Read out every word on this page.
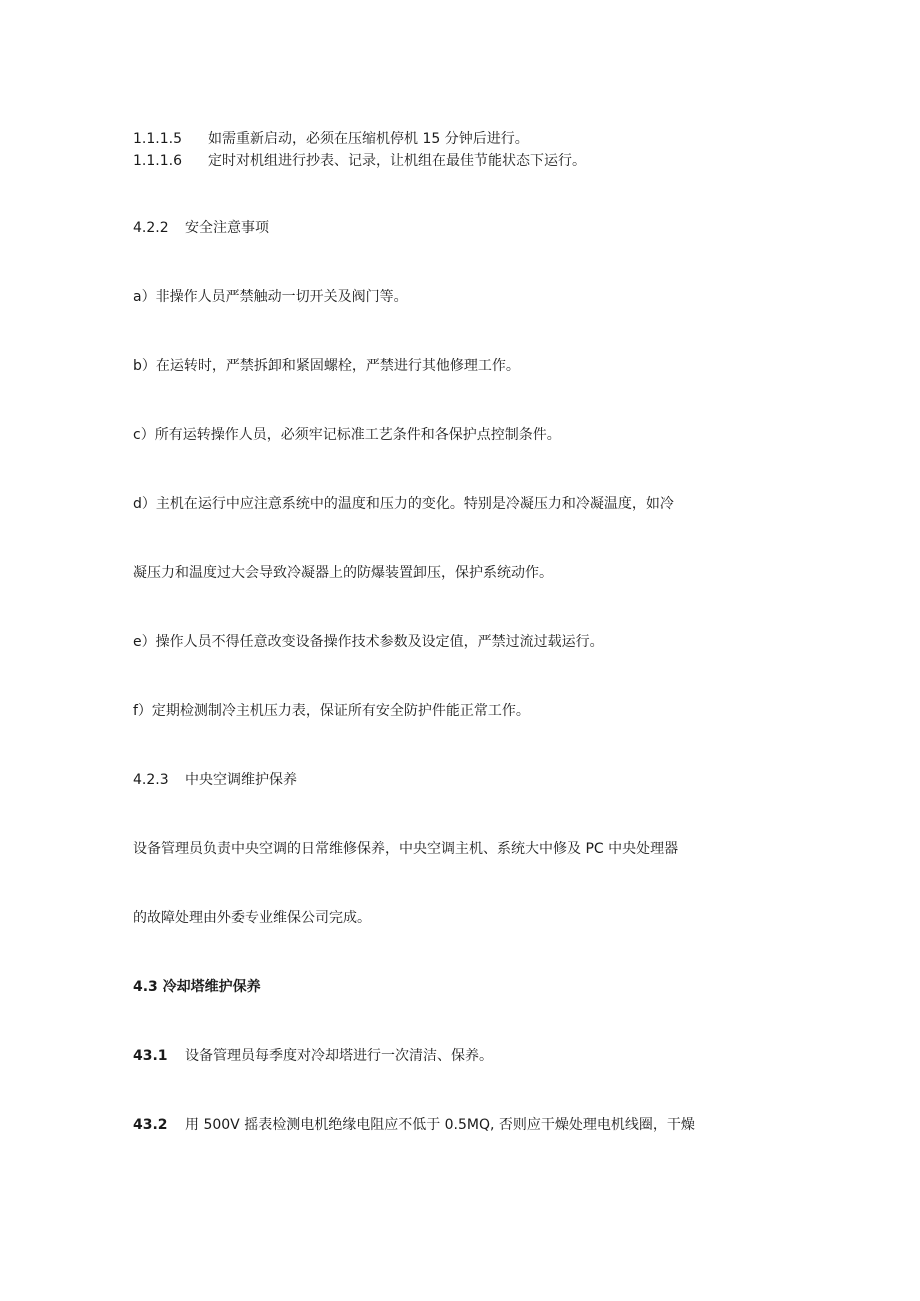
1.1.1.5 如需重新启动，必须在压缩机停机 15 分钟后进行。
1.1.1.6 定时对机组进行抄表、记录，让机组在最佳节能状态下运行。
4.2.2 安全注意事项
a）非操作人员严禁触动一切开关及阀门等。
b）在运转时，严禁拆卸和紧固螺栓，严禁进行其他修理工作。
c）所有运转操作人员，必须牢记标准工艺条件和各保护点控制条件。
d）主机在运行中应注意系统中的温度和压力的变化。特别是冷凝压力和冷凝温度，如冷
凝压力和温度过大会导致冷凝器上的防爆装置卸压，保护系统动作。
e）操作人员不得任意改变设备操作技术参数及设定值，严禁过流过载运行。
f）定期检测制冷主机压力表，保证所有安全防护件能正常工作。
4.2.3 中央空调维护保养
设备管理员负责中央空调的日常维修保养，中央空调主机、系统大中修及 PC 中央处理器
的故障处理由外委专业维保公司完成。
4.3 冷却塔维护保养
43.1 设备管理员每季度对冷却塔进行一次清洁、保养。
43.2 用 500V 摇表检测电机绝缘电阻应不低于 0.5MQ, 否则应干燥处理电机线圈，干燥
